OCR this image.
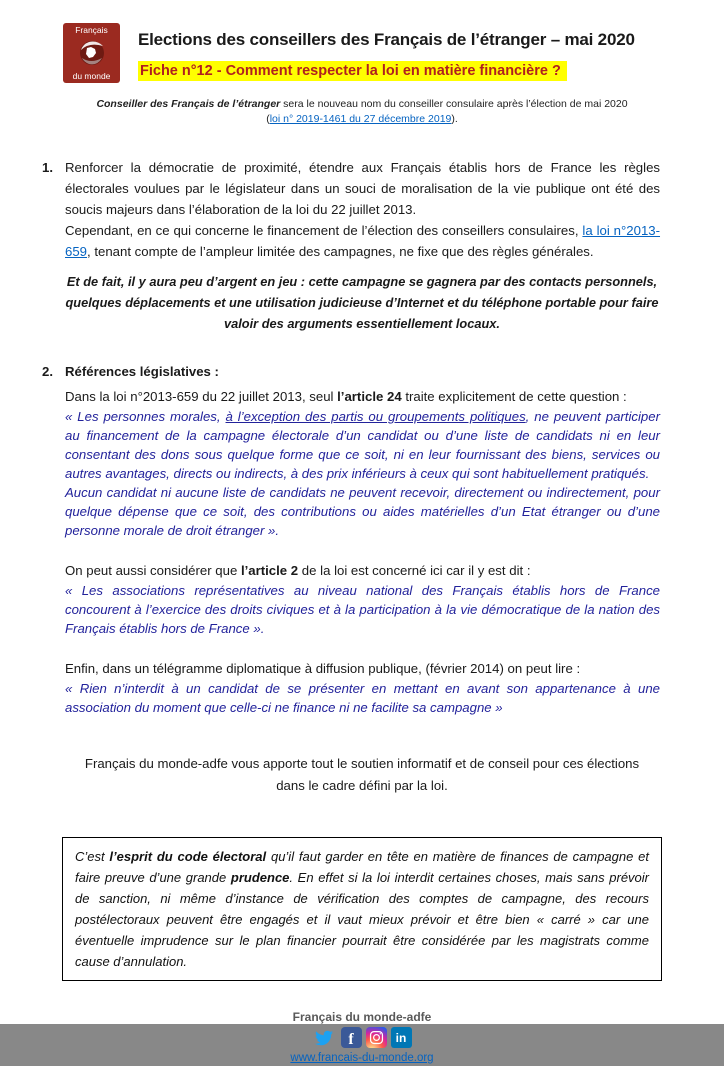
Français
du monde
Elections des conseillers des Français de l’étranger – mai 2020
Fiche n°12 - Comment respecter la loi en matière financière ?
Conseiller des Français de l’étranger sera le nouveau nom du conseiller consulaire après l’élection de mai 2020
(loi n° 2019-1461 du 27 décembre 2019).
1. Renforcer la démocratie de proximité, étendre aux Français établis hors de France les règles électorales voulues par le législateur dans un souci de moralisation de la vie publique ont été des soucis majeurs dans l’élaboration de la loi du 22 juillet 2013.

Cependant, en ce qui concerne le financement de l’élection des conseillers consulaires, la loi n°2013-659, tenant compte de l’ampleur limitée des campagnes, ne fixe que des règles générales.

Et de fait, il y aura peu d’argent en jeu : cette campagne se gagnera par des contacts personnels, quelques déplacements et une utilisation judicieuse d’Internet et du téléphone portable pour faire valoir des arguments essentiellement locaux.

2. Références législatives :

Dans la loi n°2013-659 du 22 juillet 2013, seul l’article 24 traite explicitement de cette question :

« Les personnes morales, à l’exception des partis ou groupements politiques, ne peuvent participer au financement de la campagne électorale d’un candidat ou d’une liste de candidats ni en leur consentant des dons sous quelque forme que ce soit, ni en leur fournissant des biens, services ou autres avantages, directs ou indirects, à des prix inférieurs à ceux qui sont habituellement pratiqués.

Aucun candidat ni aucune liste de candidats ne peuvent recevoir, directement ou indirectement, pour quelque dépense que ce soit, des contributions ou aides matérielles d’un Etat étranger ou d’une personne morale de droit étranger ».

On peut aussi considérer que l’article 2 de la loi est concerné ici car il y est dit :

« Les associations représentatives au niveau national des Français établis hors de France concourent à l’exercice des droits civiques et à la participation à la vie démocratique de la nation des Français établis hors de France ».

Enfin, dans un télégramme diplomatique à diffusion publique, (février 2014) on peut lire :

« Rien n’interdit à un candidat de se présenter en mettant en avant son appartenance à une association du moment que celle-ci ne finance ni ne facilite sa campagne »

Français du monde-adfe vous apporte tout le soutien informatif et de conseil pour ces élections dans le cadre défini par la loi.

C’est l’esprit du code électoral qu’il faut garder en tête en matière de finances de campagne et faire preuve d’une grande prudence. En effet si la loi interdit certaines choses, mais sans prévoir de sanction, ni même d’instance de vérification des comptes de campagne, des recours postélectoraux peuvent être engagés et il vaut mieux prévoir et être bien « carré » car une éventuelle imprudence sur le plan financier pourrait être considérée par les magistrats comme cause d’annulation.
Français du monde-adfe
f	in
www.francais-du-monde.org
